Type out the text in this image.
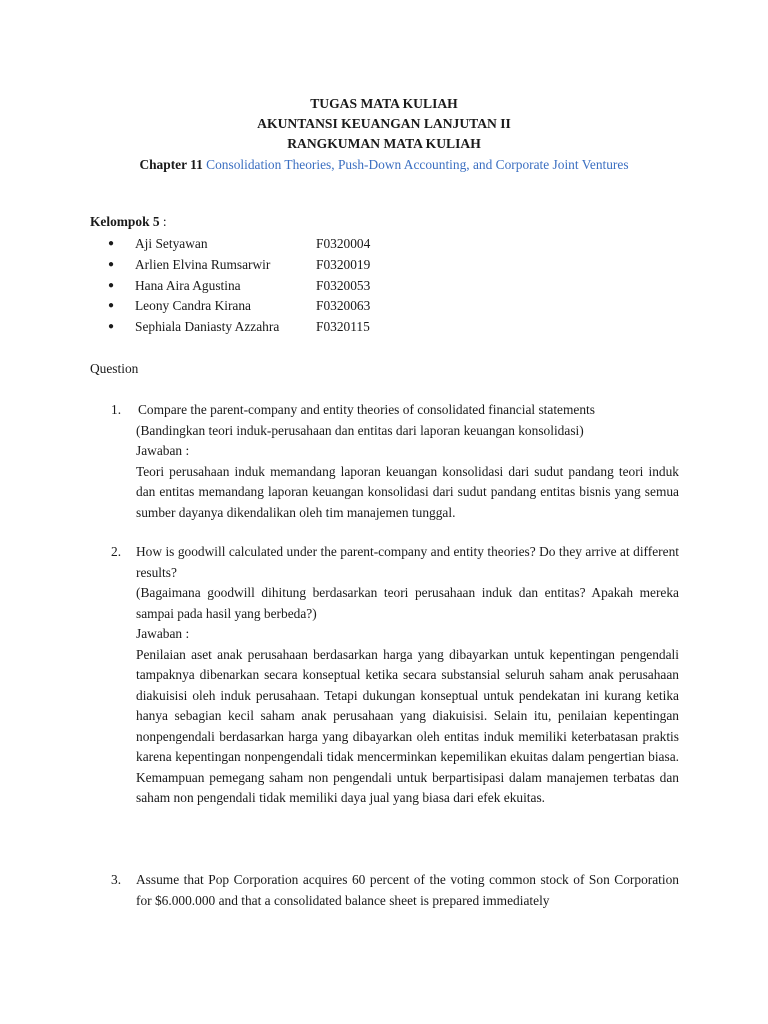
TUGAS MATA KULIAH
AKUNTANSI KEUANGAN LANJUTAN II
RANGKUMAN MATA KULIAH
Chapter 11 Consolidation Theories, Push-Down Accounting, and Corporate Joint Ventures
Kelompok 5 :
● Aji Setyawan	F0320004
● Arlien Elvina Rumsarwir	F0320019
● Hana Aira Agustina	F0320053
● Leony Candra Kirana	F0320063
● Sephiala Daniasty Azzahra	F0320115
Question
1. Compare the parent-company and entity theories of consolidated financial statements

(Bandingkan teori induk-perusahaan dan entitas dari laporan keuangan konsolidasi)

Jawaban :

Teori perusahaan induk memandang laporan keuangan konsolidasi dari sudut pandang teori induk dan entitas memandang laporan keuangan konsolidasi dari sudut pandang entitas bisnis yang semua sumber dayanya dikendalikan oleh tim manajemen tunggal.

2. How is goodwill calculated under the parent-company and entity theories? Do they arrive at different results?

(Bagaimana goodwill dihitung berdasarkan teori perusahaan induk dan entitas? Apakah mereka sampai pada hasil yang berbeda?)

Jawaban :

Penilaian aset anak perusahaan berdasarkan harga yang dibayarkan untuk kepentingan pengendali tampaknya dibenarkan secara konseptual ketika secara substansial seluruh saham anak perusahaan diakuisisi oleh induk perusahaan. Tetapi dukungan konseptual untuk pendekatan ini kurang ketika hanya sebagian kecil saham anak perusahaan yang diakuisisi. Selain itu, penilaian kepentingan nonpengendali berdasarkan harga yang dibayarkan oleh entitas induk memiliki keterbatasan praktis karena kepentingan nonpengendali tidak mencerminkan kepemilikan ekuitas dalam pengertian biasa. Kemampuan pemegang saham non pengendali untuk berpartisipasi dalam manajemen terbatas dan saham non pengendali tidak memiliki daya jual yang biasa dari efek ekuitas.

3. Assume that Pop Corporation acquires 60 percent of the voting common stock of Son Corporation for $6.000.000 and that a consolidated balance sheet is prepared immediately
